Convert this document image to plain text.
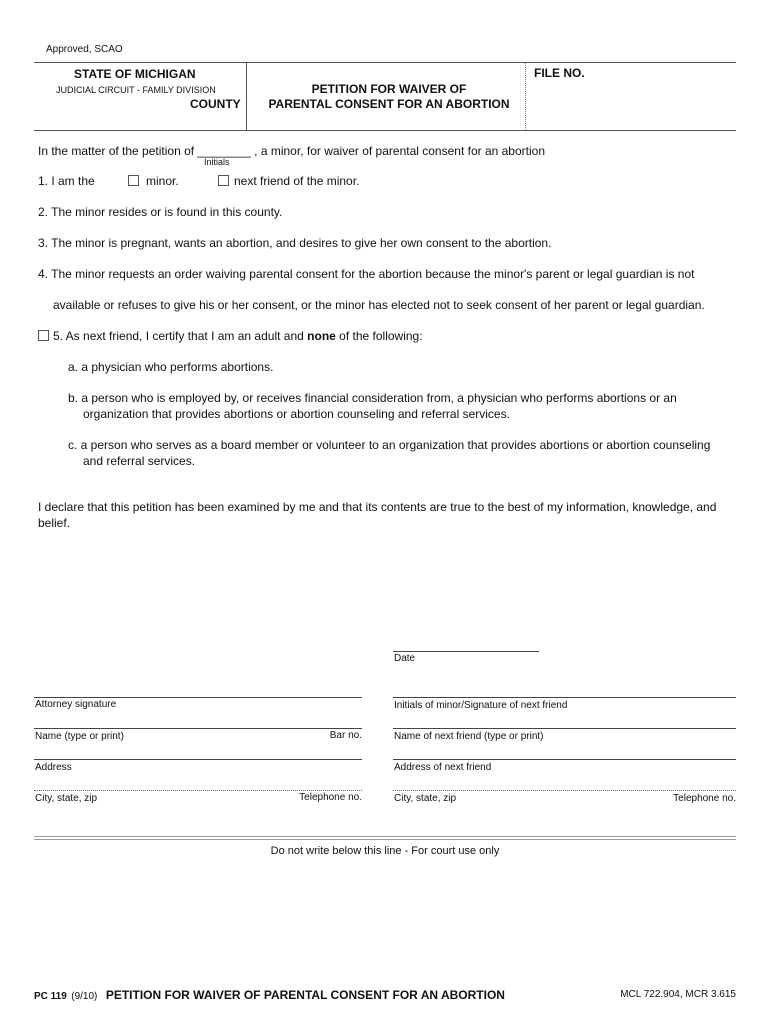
Approved, SCAO
STATE OF MICHIGAN
JUDICIAL CIRCUIT - FAMILY DIVISION
COUNTY
PETITION FOR WAIVER OF
PARENTAL CONSENT FOR AN ABORTION
FILE NO.
In the matter of the petition of ________ , a minor, for waiver of parental consent for an abortion
Initials
1. I am the	minor.	next friend of the minor.
2. The minor resides or is found in this county.
3. The minor is pregnant, wants an abortion, and desires to give her own consent to the abortion.
4. The minor requests an order waiving parental consent for the abortion because the minor's parent or legal guardian is not
available or refuses to give his or her consent, or the minor has elected not to seek consent of her parent or legal guardian.
5. As next friend, I certify that I am an adult and none of the following:
a. a physician who performs abortions.
b. a person who is employed by, or receives financial consideration from, a physician who performs abortions or an
organization that provides abortions or abortion counseling and referral services.
c. a person who serves as a board member or volunteer to an organization that provides abortions or abortion counseling
and referral services.
I declare that this petition has been examined by me and that its contents are true to the best of my information, knowledge, and
belief.
Date
Attorney signature	Initials of minor/Signature of next friend
Name (type or print)	Bar no.	Name of next friend (type or print)
Address	Address of next friend
City, state, zip	Telephone no.	City, state, zip	Telephone no.
Do not write below this line - For court use only
PC 119 (9/10) PETITION FOR WAIVER OF PARENTAL CONSENT FOR AN ABORTION	MCL 722.904, MCR 3.615
